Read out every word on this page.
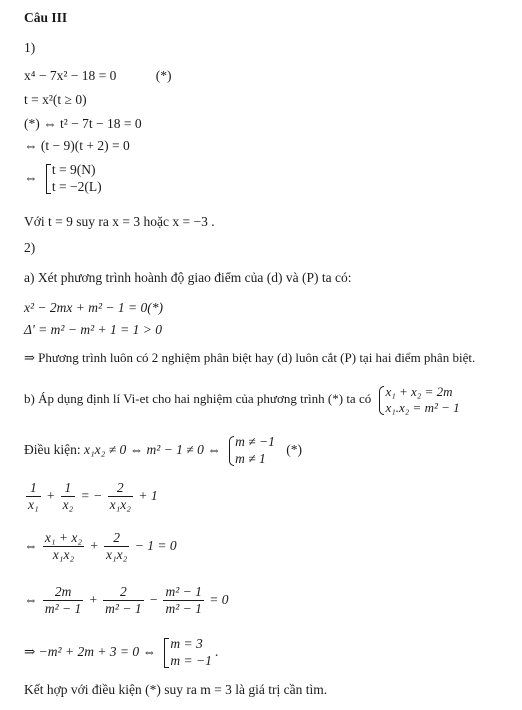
Câu III
1)
x⁴ − 7x² − 18 = 0	(*)
t = x²(t ≥ 0)
(*) ⇔ t² − 7t − 18 = 0
⇔ (t − 9)(t + 2) = 0
⇔
t = 9(N)
t = −2(L)
Với t = 9 suy ra x = 3 hoặc x = −3 .
2)
a) Xét phương trình hoành độ giao điểm của (d) và (P) ta có:
x² − 2mx + m² − 1 = 0(*)
Δ' = m² − m² + 1 = 1 > 0
⇒ Phương trình luôn có 2 nghiệm phân biệt hay (d) luôn cắt (P) tại hai điểm phân biệt.
b) Áp dụng định lí Vi-et cho hai nghiệm của phương trình (*) ta có x₁ + x₂ = 2m
x₁.x₂ = m² − 1
Điều kiện: x₁x₂ ≠ 0 ⇔ m² − 1 ≠ 0 ⇔
m ≠ −1
m ≠ 1
(*)
$\frac{1}{\text{x₁}} + \frac{1}{\text{x₂}}$ = − $\frac{2}{\text{x₁x₂}} + 1$
⇔ $\frac{\text{x₁ + x₂}}{\text{x₁x₂}} + \frac{2}{\text{x₁x₂}} - 1 = 0$
⇔ $\frac{2m}{\text{m² − 1}} + \frac{2}{\text{m² − 1}} - \frac{\text{m² − 1}}{\text{m² − 1}} = 0$
⇒ −m² + 2m + 3 = 0 ⇔
m = 3
m = −1
.
Kết hợp với điều kiện (*) suy ra m = 3 là giá trị cần tìm.
